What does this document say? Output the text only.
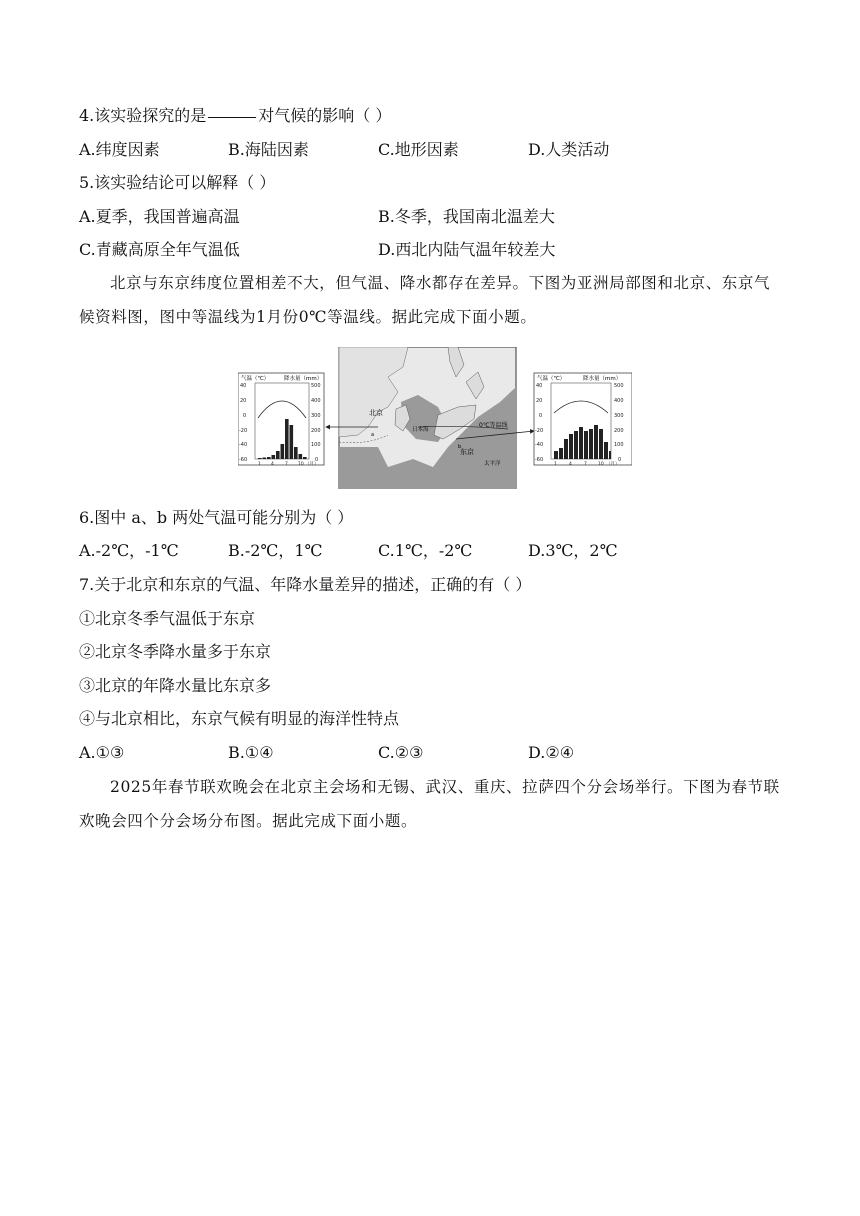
4.该实验探究的是	对气候的影响（ ）
A.纬度因素	B.海陆因素	C.地形因素	D.人类活动
5.该实验结论可以解释（ ）
A.夏季，我国普遍高温	B.冬季，我国南北温差大
C.青藏高原全年气温低	D.西北内陆气温年较差大
北京与东京纬度位置相差不大，但气温、降水都存在差异。下图为亚洲局部图和北京、东京气候资料图，图中等温线为1月份0℃等温线。据此完成下面小题。
气温（℃）	降水量（mm）
40
20
0
-20
-40
-60
500
400
300
200
100
0
1 4 7 10 （月）
北京
a
日本海
0℃等温线
b
东京
太平洋
气温（℃）	降水量（mm）
40
20
0
-20
-40
-60
500
400
300
200
100
0
1	4	7 10 （月）
6.图中 a、b 两处气温可能分别为（ ）
A.-2℃，-1℃	B.-2℃，1℃	C.1℃，-2℃	D.3℃，2℃
7.关于北京和东京的气温、年降水量差异的描述，正确的有（ ）
①北京冬季气温低于东京
②北京冬季降水量多于东京
③北京的年降水量比东京多
④与北京相比，东京气候有明显的海洋性特点
A.①③	B.①④	C.②③	D.②④
2025年春节联欢晚会在北京主会场和无锡、武汉、重庆、拉萨四个分会场举行。下图为春节联欢晚会四个分会场分布图。据此完成下面小题。
